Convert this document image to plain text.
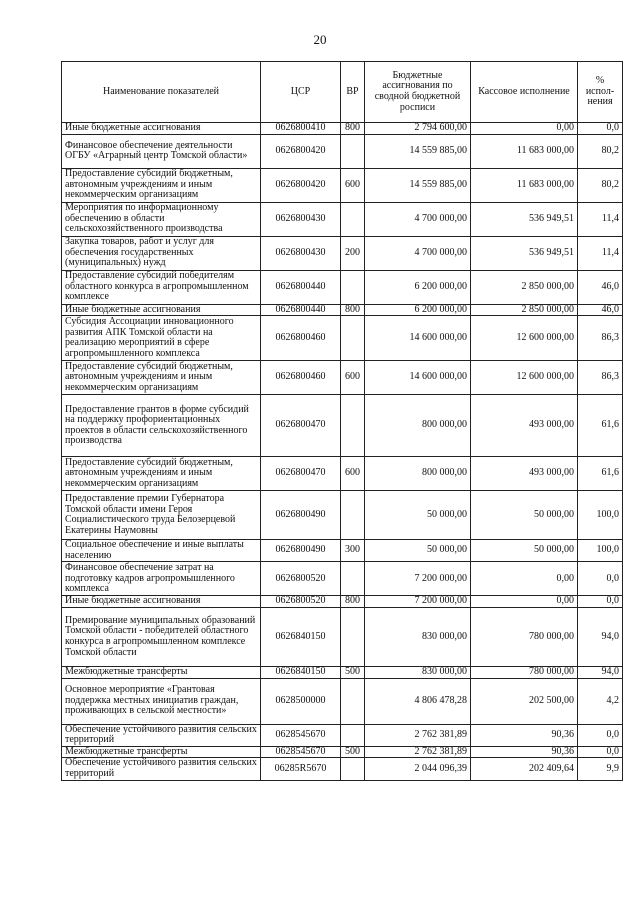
20
Наименование показателей	ЦСР	ВР	Бюджетные ассигнования по сводной бюджетной росписи	Кассовое исполнение	% испол-нения
Иные бюджетные ассигнования	0626800410	800	2 794 600,00	0,00	0,0
Финансовое обеспечение деятельности ОГБУ «Аграрный центр Томской области»	0626800420		14 559 885,00	11 683 000,00	80,2
Предоставление субсидий бюджетным, автономным учреждениям и иным некоммерческим организациям	0626800420	600	14 559 885,00	11 683 000,00	80,2
Мероприятия по информационному обеспечению в области сельскохозяйственного производства	0626800430		4 700 000,00	536 949,51	11,4
Закупка товаров, работ и услуг для обеспечения государственных (муниципальных) нужд	0626800430	200	4 700 000,00	536 949,51	11,4
Предоставление субсидий победителям областного конкурса в агропромышленном комплексе	0626800440		6 200 000,00	2 850 000,00	46,0
Иные бюджетные ассигнования	0626800440	800	6 200 000,00	2 850 000,00	46,0
Субсидия Ассоциации инновационного развития АПК Томской области на реализацию мероприятий в сфере агропромышленного комплекса	0626800460		14 600 000,00	12 600 000,00	86,3
Предоставление субсидий бюджетным, автономным учреждениям и иным некоммерческим организациям	0626800460	600	14 600 000,00	12 600 000,00	86,3
Предоставление грантов в форме субсидий на поддержку профориентационных проектов в области сельскохозяйственного производства	0626800470		800 000,00	493 000,00	61,6
Предоставление субсидий бюджетным, автономным учреждениям и иным некоммерческим организациям	0626800470	600	800 000,00	493 000,00	61,6
Предоставление премии Губернатора Томской области имени Героя Социалистического труда Белозерцевой Екатерины Наумовны	0626800490		50 000,00	50 000,00	100,0
Социальное обеспечение и иные выплаты населению	0626800490	300	50 000,00	50 000,00	100,0
Финансовое обеспечение затрат на подготовку кадров агропромышленного комплекса	0626800520		7 200 000,00	0,00	0,0
Иные бюджетные ассигнования	0626800520	800	7 200 000,00	0,00	0,0
Премирование муниципальных образований Томской области - победителей областного конкурса в агропромышленном комплексе Томской области	0626840150		830 000,00	780 000,00	94,0
Межбюджетные трансферты	0626840150	500	830 000,00	780 000,00	94,0
Основное мероприятие «Грантовая поддержка местных инициатив граждан, проживающих в сельской местности»	0628500000		4 806 478,28	202 500,00	4,2
Обеспечение устойчивого развития сельских территорий	0628545670		2 762 381,89	90,36	0,0
Межбюджетные трансферты	0628545670	500	2 762 381,89	90,36	0,0
Обеспечение устойчивого развития сельских территорий	06285R5670		2 044 096,39	202 409,64	9,9
